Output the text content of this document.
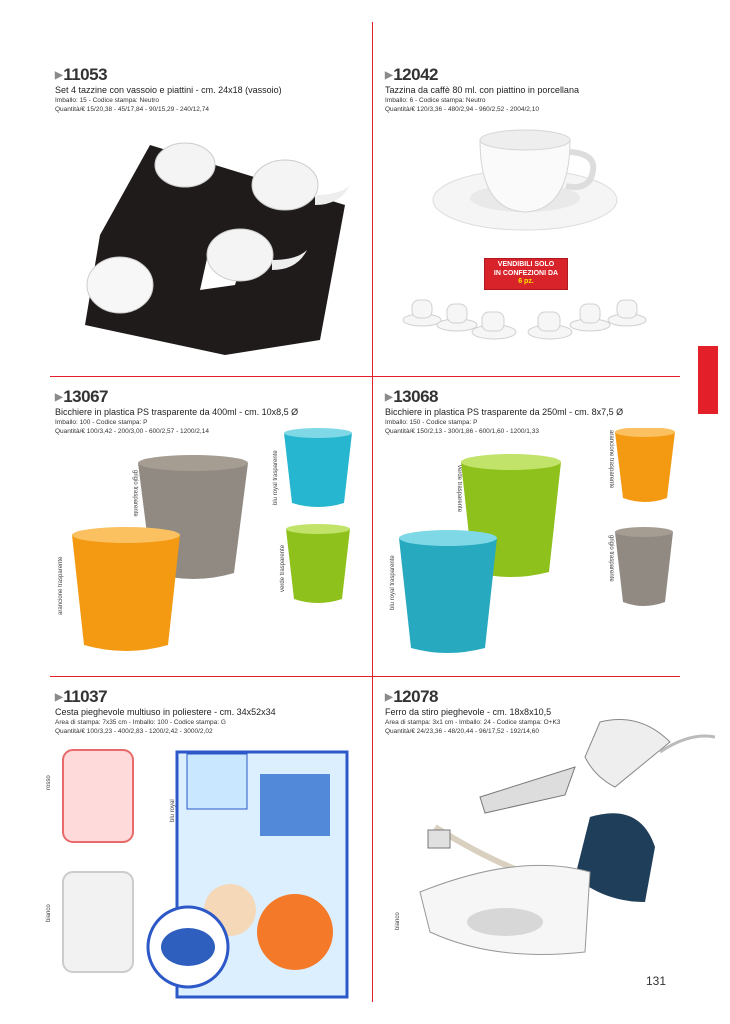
▶11053
Set 4 tazzine con vassoio e piattini - cm. 24x18 (vassoio)
Imballo: 15 - Codice stampa: Neutro
Quantità/€ 15/20,38 - 45/17,84 - 90/15,29 - 240/12,74
▶12042
Tazzina da caffè 80 ml. con piattino in porcellana
Imballo: 6 - Codice stampa: Neutro
Quantità/€ 120/3,36 - 480/2,94 - 960/2,52 - 2004/2,10
VENDIBILI SOLO
IN CONFEZIONI DA
6 pz.
▶13067
Bicchiere in plastica PS trasparente da 400ml - cm. 10x8,5 Ø
Imballo: 100 - Codice stampa: P
Quantità/€ 100/3,42 - 200/3,00 - 600/2,57 - 1200/2,14
grigio trasparente
arancione trasparente
blu royal trasparente
verde trasparente
▶13068
Bicchiere in plastica PS trasparente da 250ml - cm. 8x7,5 Ø
Imballo: 150 - Codice stampa: P
Quantità/€ 150/2,13 - 300/1,86 - 600/1,60 - 1200/1,33
verde trasparente
blu royal trasparente
arancione trasparente
grigio trasparente
▶11037
Cesta pieghevole multiuso in poliestere - cm. 34x52x34
Area di stampa: 7x35 cm - Imballo: 100 - Codice stampa: G
Quantità/€ 100/3,23 - 400/2,83 - 1200/2,42 - 3000/2,02
rosso
bianco
blu royal
▶12078
Ferro da stiro pieghevole - cm. 18x8x10,5
Area di stampa: 3x1 cm - Imballo: 24 - Codice stampa: O+K3
Quantità/€ 24/23,36 - 48/20,44 - 96/17,52 - 192/14,60
bianco
131
